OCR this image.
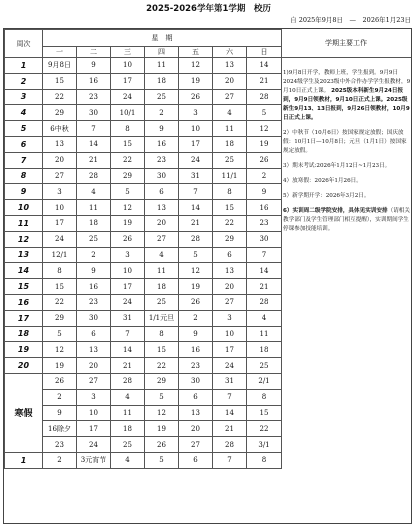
2025-2026学年第1学期　校历
自 2025年9月8日　—　2026年1月23日
周次	星　期						
	一	二	三	四	五	六	日
1	9月8日	9	10	11	12	13	14
2	15	16	17	18	19	20	21
3	22	23	24	25	26	27	28
4	29	30	10/1	2	3	4	5
5	6中秋	7	8	9	10	11	12
6	13	14	15	16	17	18	19
7	20	21	22	23	24	25	26
8	27	28	29	30	31	11/1	2
9	3	4	5	6	7	8	9
10	10	11	12	13	14	15	16
11	17	18	19	20	21	22	23
12	24	25	26	27	28	29	30
13	12/1	2	3	4	5	6	7
14	8	9	10	11	12	13	14
15	15	16	17	18	19	20	21
16	22	23	24	25	26	27	28
17	29	30	31	1/1元旦	2	3	4
18	5	6	7	8	9	10	11
19	12	13	14	15	16	17	18
20	19	20	21	22	23	24	25
寒假	26	27	28	29	30	31	2/1
	2	3	4	5	6	7	8
	9	10	11	12	13	14	15
	16除夕	17	18	19	20	21	22
	23	24	25	26	27	28	3/1
1	2	3元宵节	4	5	6	7	8
学期主要工作

1)9月8日开学，教师上班，学生报到。9月9日2024级学生及2023级中外合作办学学生报教材，9月10日正式上课。 2025级本科新生9月24日报到，9月9日领教材，9月10日正式上课。2025级新生9月13、13日报到，9月26日领教材，10月9日正式上课。

2）中秋节（10月6日）按国家规定放假；国庆放假：10月1日—10月8日；元旦（1月1日）按国家规定放假。

3）期末考试:2026年1月12日~1月23日。

4）放寒假：2026年1月26日。

5）新学期开学：2026年3月2日。

6）实训周二级学院安排，具体见实训安排（请相关教学部门及学生管理部门相互提醒），实训期间学生停课参加技能培训。
